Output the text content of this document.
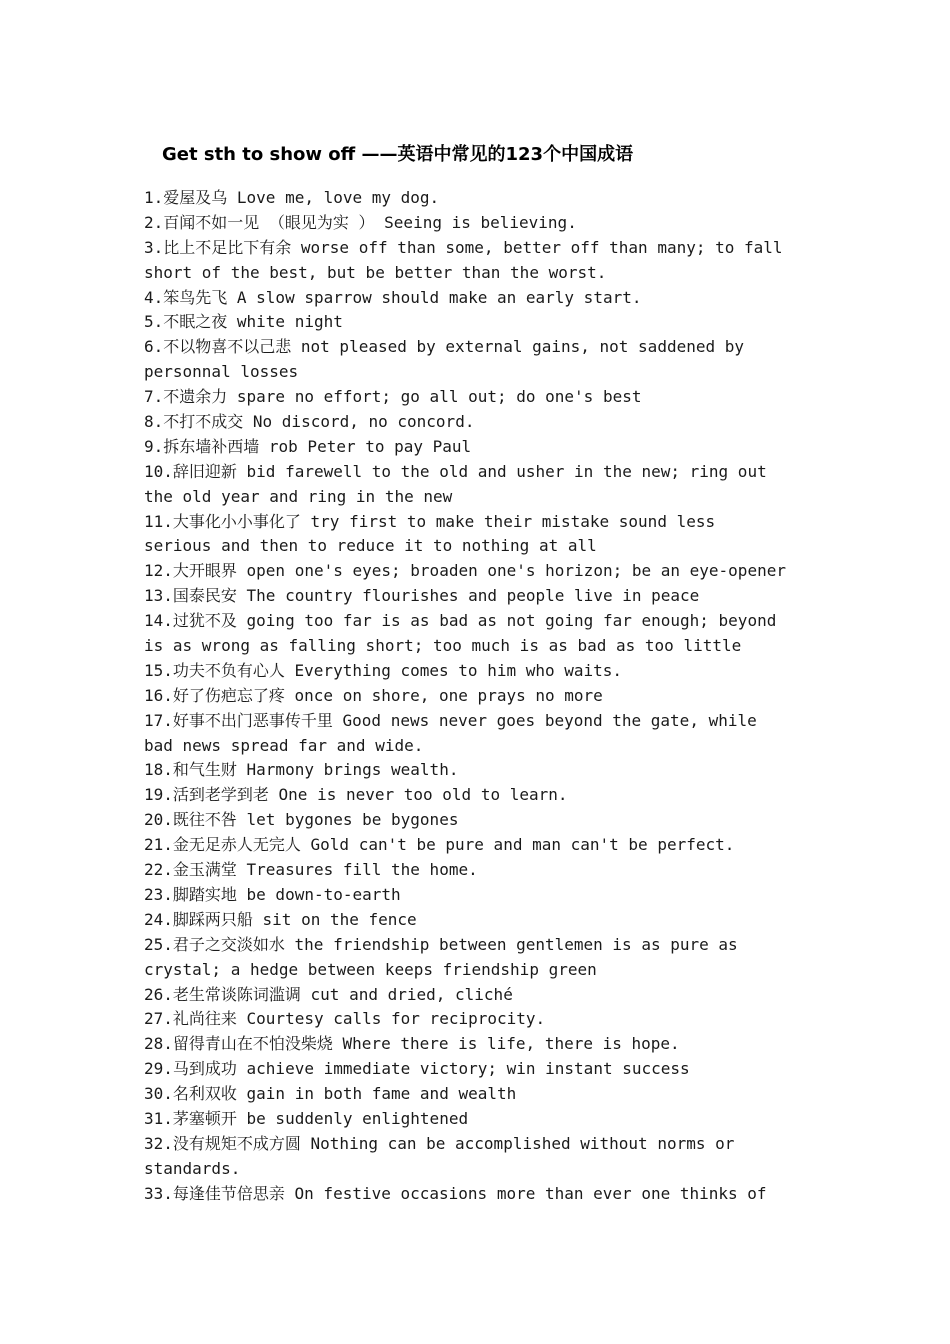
Get sth to show off ——英语中常见的123个中国成语
1.爱屋及乌 Love me, love my dog.
2.百闻不如一见 （眼见为实 ） Seeing is believing.
3.比上不足比下有余 worse off than some, better off than many; to fall
short of the best, but be better than the worst.
4.笨鸟先飞 A slow sparrow should make an early start.
5.不眠之夜 white night
6.不以物喜不以己悲 not pleased by external gains, not saddened by
personnal losses
7.不遗余力 spare no effort; go all out; do one's best
8.不打不成交 No discord, no concord.
9.拆东墙补西墙 rob Peter to pay Paul
10.辞旧迎新 bid farewell to the old and usher in the new; ring out
the old year and ring in the new
11.大事化小小事化了 try first to make their mistake sound less
serious and then to reduce it to nothing at all
12.大开眼界 open one's eyes; broaden one's horizon; be an eye-opener
13.国泰民安 The country flourishes and people live in peace
14.过犹不及 going too far is as bad as not going far enough; beyond
is as wrong as falling short; too much is as bad as too little
15.功夫不负有心人 Everything comes to him who waits.
16.好了伤疤忘了疼 once on shore, one prays no more
17.好事不出门恶事传千里 Good news never goes beyond the gate, while
bad news spread far and wide.
18.和气生财 Harmony brings wealth.
19.活到老学到老 One is never too old to learn.
20.既往不咎 let bygones be bygones
21.金无足赤人无完人 Gold can't be pure and man can't be perfect.
22.金玉满堂 Treasures fill the home.
23.脚踏实地 be down-to-earth
24.脚踩两只船 sit on the fence
25.君子之交淡如水 the friendship between gentlemen is as pure as
crystal; a hedge between keeps friendship green
26.老生常谈陈词滥调 cut and dried, cliché
27.礼尚往来 Courtesy calls for reciprocity.
28.留得青山在不怕没柴烧 Where there is life, there is hope.
29.马到成功 achieve immediate victory; win instant success
30.名利双收 gain in both fame and wealth
31.茅塞顿开 be suddenly enlightened
32.没有规矩不成方圆 Nothing can be accomplished without norms or
standards.
33.每逢佳节倍思亲 On festive occasions more than ever one thinks of
